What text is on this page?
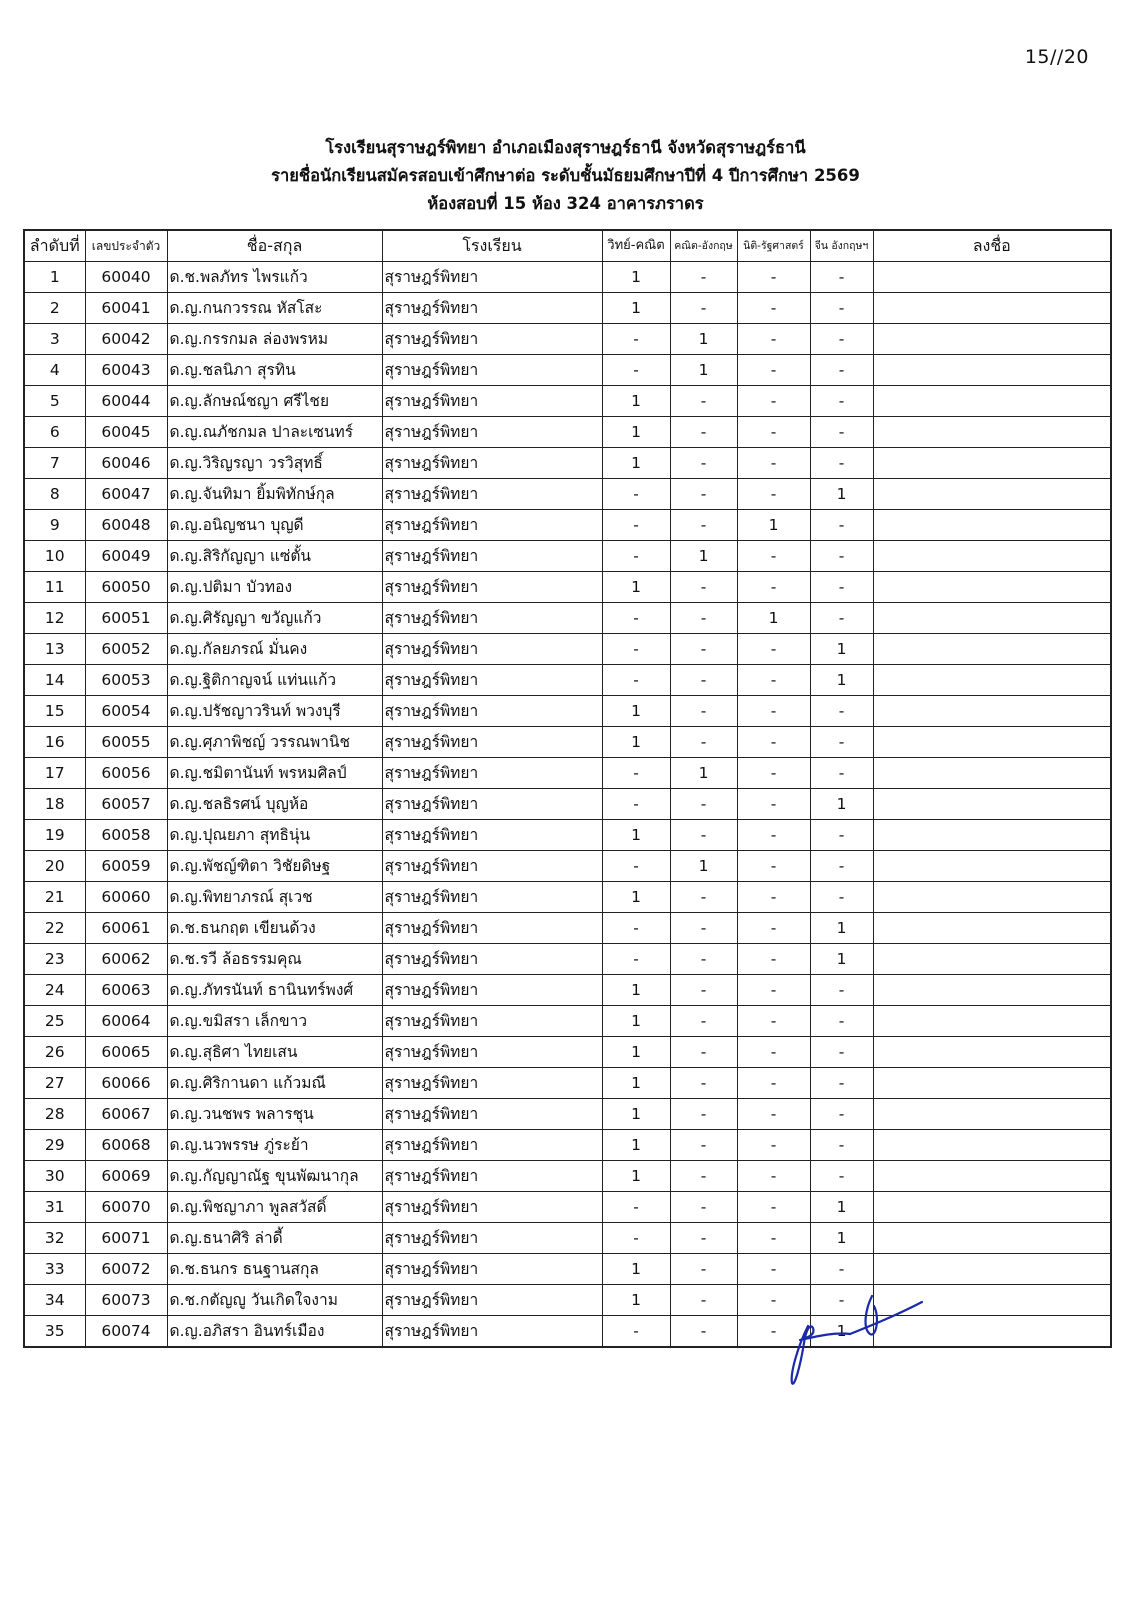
15//20
โรงเรียนสุราษฎร์พิทยา อำเภอเมืองสุราษฎร์ธานี จังหวัดสุราษฎร์ธานี
รายชื่อนักเรียนสมัครสอบเข้าศึกษาต่อ ระดับชั้นมัธยมศึกษาปีที่ 4 ปีการศึกษา 2569
ห้องสอบที่ 15 ห้อง 324 อาคารภราดร
ลำดับที่	เลขประจำตัว	ชื่อ-สกุล	โรงเรียน	วิทย์-คณิต	คณิต-อังกฤษ	นิติ-รัฐศาสตร์	จีน อังกฤษฯ	ลงชื่อ
1	60040	ด.ช.พลภัทร ไพรแก้ว	สุราษฎร์พิทยา	1	-	-	-	
2	60041	ด.ญ.กนกวรรณ หัสโสะ	สุราษฎร์พิทยา	1	-	-	-	
3	60042	ด.ญ.กรรกมล ล่องพรหม	สุราษฎร์พิทยา	-	1	-	-	
4	60043	ด.ญ.ชลนิภา สุรทิน	สุราษฎร์พิทยา	-	1	-	-	
5	60044	ด.ญ.ลักษณ์ชญา ศรีไชย	สุราษฎร์พิทยา	1	-	-	-	
6	60045	ด.ญ.ณภัชกมล ปาละเซนทร์	สุราษฎร์พิทยา	1	-	-	-	
7	60046	ด.ญ.วิริญรญา วรวิสุทธิ์	สุราษฎร์พิทยา	1	-	-	-	
8	60047	ด.ญ.จันทิมา ยิ้มพิทักษ์กุล	สุราษฎร์พิทยา	-	-	-	1	
9	60048	ด.ญ.อนิญชนา บุญดี	สุราษฎร์พิทยา	-	-	1	-	
10	60049	ด.ญ.สิริกัญญา แซ่ตั้น	สุราษฎร์พิทยา	-	1	-	-	
11	60050	ด.ญ.ปติมา บัวทอง	สุราษฎร์พิทยา	1	-	-	-	
12	60051	ด.ญ.ศิรัญญา ขวัญแก้ว	สุราษฎร์พิทยา	-	-	1	-	
13	60052	ด.ญ.กัลยภรณ์ มั่นคง	สุราษฎร์พิทยา	-	-	-	1	
14	60053	ด.ญ.ฐิติกาญจน์ แท่นแก้ว	สุราษฎร์พิทยา	-	-	-	1	
15	60054	ด.ญ.ปรัชญาวรินท์ พวงบุรี	สุราษฎร์พิทยา	1	-	-	-	
16	60055	ด.ญ.ศุภาพิชญ์ วรรณพานิช	สุราษฎร์พิทยา	1	-	-	-	
17	60056	ด.ญ.ชมิตานันท์ พรหมศิลป์	สุราษฎร์พิทยา	-	1	-	-	
18	60057	ด.ญ.ชลธิรศน์ บุญห้อ	สุราษฎร์พิทยา	-	-	-	1	
19	60058	ด.ญ.ปุณยภา สุทธินุ่น	สุราษฎร์พิทยา	1	-	-	-	
20	60059	ด.ญ.พัชญ์ฑิตา วิชัยดิษฐ	สุราษฎร์พิทยา	-	1	-	-	
21	60060	ด.ญ.พิทยาภรณ์ สุเวช	สุราษฎร์พิทยา	1	-	-	-	
22	60061	ด.ช.ธนกฤต เขียนด้วง	สุราษฎร์พิทยา	-	-	-	1	
23	60062	ด.ช.รวี ล้อธรรมคุณ	สุราษฎร์พิทยา	-	-	-	1	
24	60063	ด.ญ.ภัทรนันท์ ธานินทร์พงศ์	สุราษฎร์พิทยา	1	-	-	-	
25	60064	ด.ญ.ขมิสรา เล็กขาว	สุราษฎร์พิทยา	1	-	-	-	
26	60065	ด.ญ.สุธิศา ไทยเสน	สุราษฎร์พิทยา	1	-	-	-	
27	60066	ด.ญ.ศิริกานดา แก้วมณี	สุราษฎร์พิทยา	1	-	-	-	
28	60067	ด.ญ.วนชพร พลารชุน	สุราษฎร์พิทยา	1	-	-	-	
29	60068	ด.ญ.นวพรรษ ภู่ระย้า	สุราษฎร์พิทยา	1	-	-	-	
30	60069	ด.ญ.กัญญาณัฐ ขุนพัฒนากุล	สุราษฎร์พิทยา	1	-	-	-	
31	60070	ด.ญ.พิชญาภา พูลสวัสดิ์	สุราษฎร์พิทยา	-	-	-	1	
32	60071	ด.ญ.ธนาศิริ ล่าดี้	สุราษฎร์พิทยา	-	-	-	1	
33	60072	ด.ช.ธนกร ธนฐานสกุล	สุราษฎร์พิทยา	1	-	-	-	
34	60073	ด.ช.กตัญญู วันเกิดใจงาม	สุราษฎร์พิทยา	1	-	-	-	
35	60074	ด.ญ.อภิสรา อินทร์เมือง	สุราษฎร์พิทยา	-	-	-	1	
